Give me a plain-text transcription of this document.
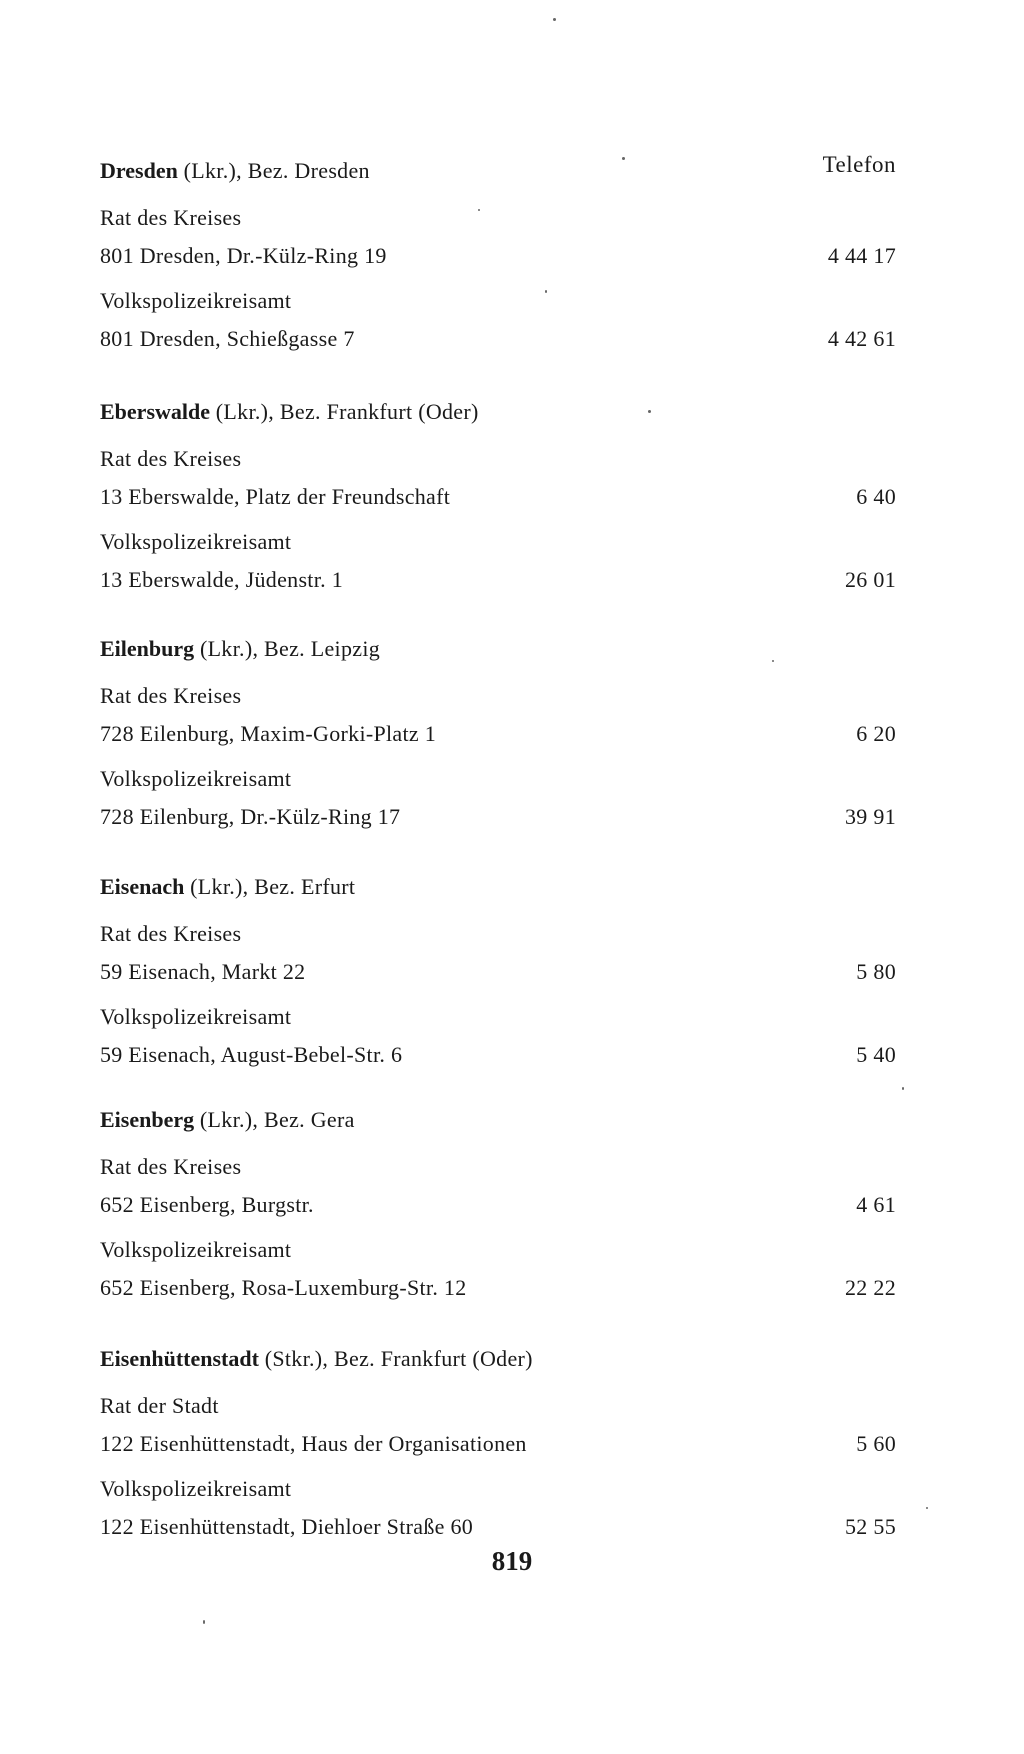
Telefon
Dresden (Lkr.), Bez. Dresden
Rat des Kreises
801 Dresden, Dr.-Külz-Ring 19	4 44 17
Volkspolizeikreisamt
801 Dresden, Schießgasse 7	4 42 61
Eberswalde (Lkr.), Bez. Frankfurt (Oder)
Rat des Kreises
13 Eberswalde, Platz der Freundschaft	6 40
Volkspolizeikreisamt
13 Eberswalde, Jüdenstr. 1	26 01
Eilenburg (Lkr.), Bez. Leipzig
Rat des Kreises
728 Eilenburg, Maxim-Gorki-Platz 1	6 20
Volkspolizeikreisamt
728 Eilenburg, Dr.-Külz-Ring 17	39 91
Eisenach (Lkr.), Bez. Erfurt
Rat des Kreises
59 Eisenach, Markt 22	5 80
Volkspolizeikreisamt
59 Eisenach, August-Bebel-Str. 6	5 40
Eisenberg (Lkr.), Bez. Gera
Rat des Kreises
652 Eisenberg, Burgstr.	4 61
Volkspolizeikreisamt
652 Eisenberg, Rosa-Luxemburg-Str. 12	22 22
Eisenhüttenstadt (Stkr.), Bez. Frankfurt (Oder)
Rat der Stadt
122 Eisenhüttenstadt, Haus der Organisationen	5 60
Volkspolizeikreisamt
122 Eisenhüttenstadt, Diehloer Straße 60	52 55
819
